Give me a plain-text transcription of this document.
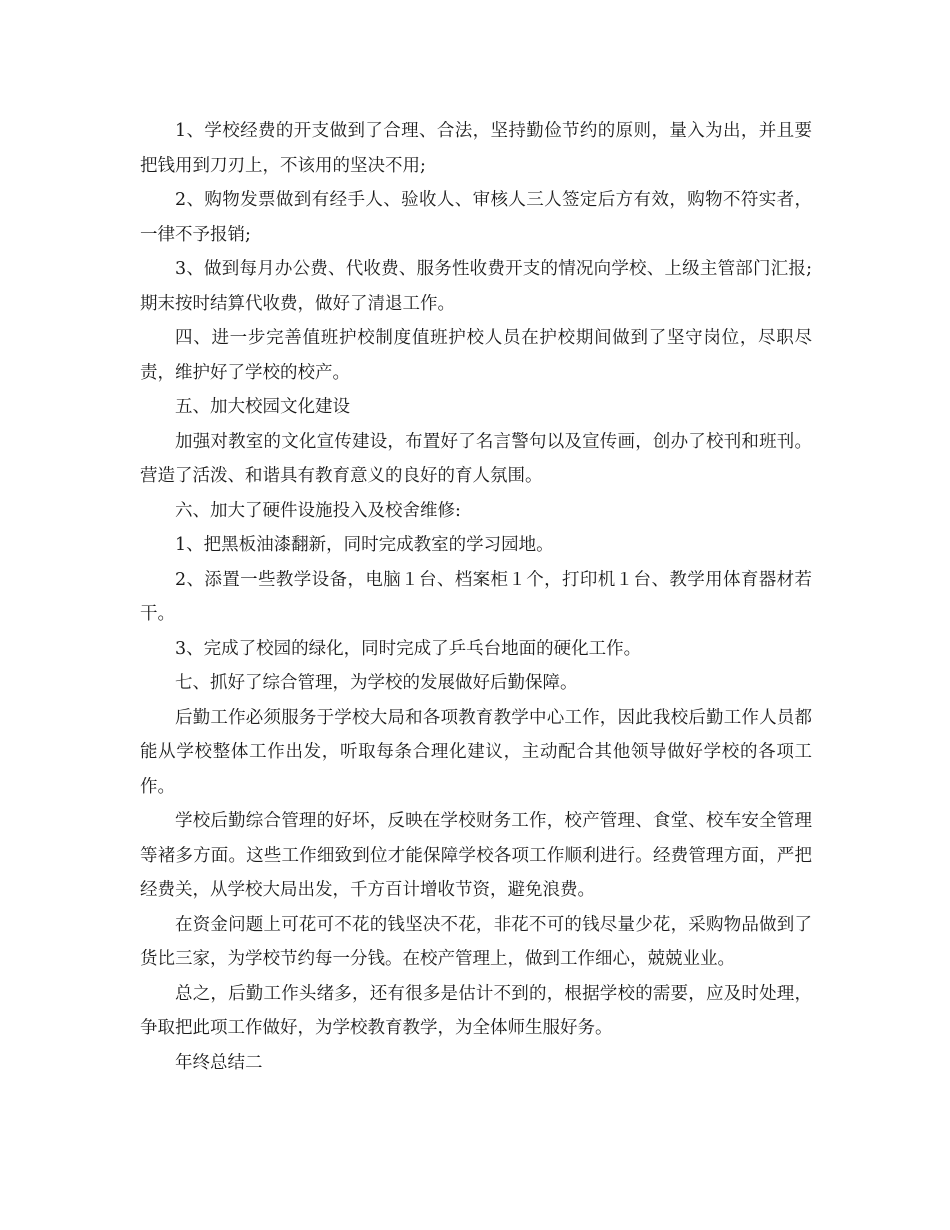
1、学校经费的开支做到了合理、合法，坚持勤俭节约的原则，量入为出，并且要把钱用到刀刃上，不该用的坚决不用;

2、购物发票做到有经手人、验收人、审核人三人签定后方有效，购物不符实者，一律不予报销;

3、做到每月办公费、代收费、服务性收费开支的情况向学校、上级主管部门汇报;期末按时结算代收费，做好了清退工作。

四、进一步完善值班护校制度值班护校人员在护校期间做到了坚守岗位，尽职尽责，维护好了学校的校产。

五、加大校园文化建设

加强对教室的文化宣传建设，布置好了名言警句以及宣传画，创办了校刊和班刊。营造了活泼、和谐具有教育意义的良好的育人氛围。

六、加大了硬件设施投入及校舍维修:

1、把黑板油漆翻新，同时完成教室的学习园地。

2、添置一些教学设备，电脑１台、档案柜１个，打印机１台、教学用体育器材若干。

3、完成了校园的绿化，同时完成了乒乓台地面的硬化工作。

七、抓好了综合管理，为学校的发展做好后勤保障。

后勤工作必须服务于学校大局和各项教育教学中心工作，因此我校后勤工作人员都能从学校整体工作出发，听取每条合理化建议，主动配合其他领导做好学校的各项工作。

学校后勤综合管理的好坏，反映在学校财务工作，校产管理、食堂、校车安全管理等褚多方面。这些工作细致到位才能保障学校各项工作顺利进行。经费管理方面，严把经费关，从学校大局出发，千方百计增收节资，避免浪费。

在资金问题上可花可不花的钱坚决不花，非花不可的钱尽量少花，采购物品做到了货比三家，为学校节约每一分钱。在校产管理上，做到工作细心，兢兢业业。

总之，后勤工作头绪多，还有很多是估计不到的，根据学校的需要，应及时处理，争取把此项工作做好，为学校教育教学，为全体师生服好务。

年终总结二
